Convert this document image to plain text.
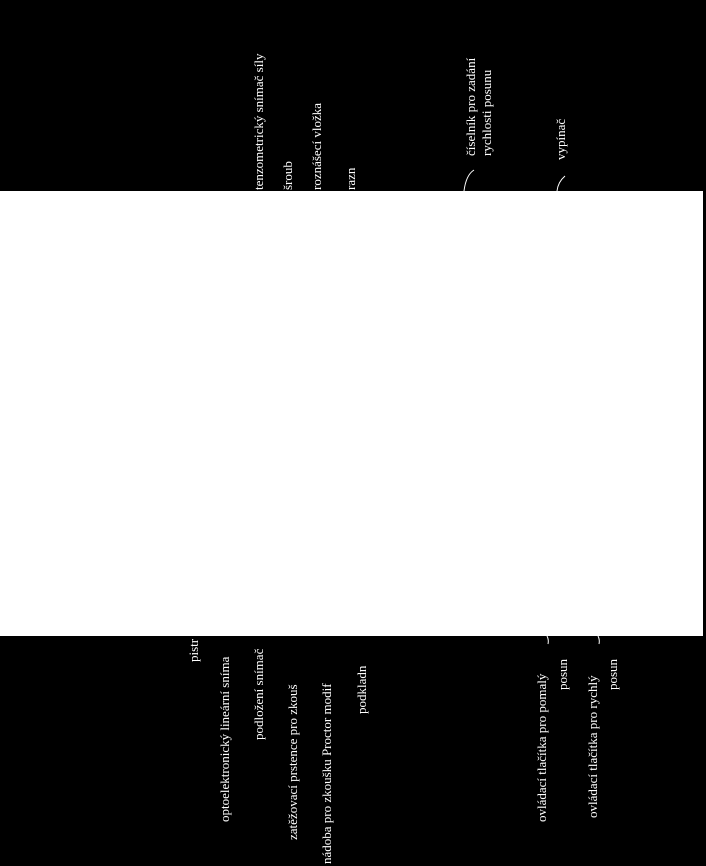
tenzometrický snímač síly šroub roznášecí vložka razn
číselník pro zadání rychlosti posunu	vypínač
pistr
optoelektronický lineární sníma podložení snímač zatěžovací prstence pro zkouš nádoba pro zkoušku Proctor modif podkladn	ovládací tlačítka pro pomalý posun
ovládací tlačítka pro rychlý
posun
